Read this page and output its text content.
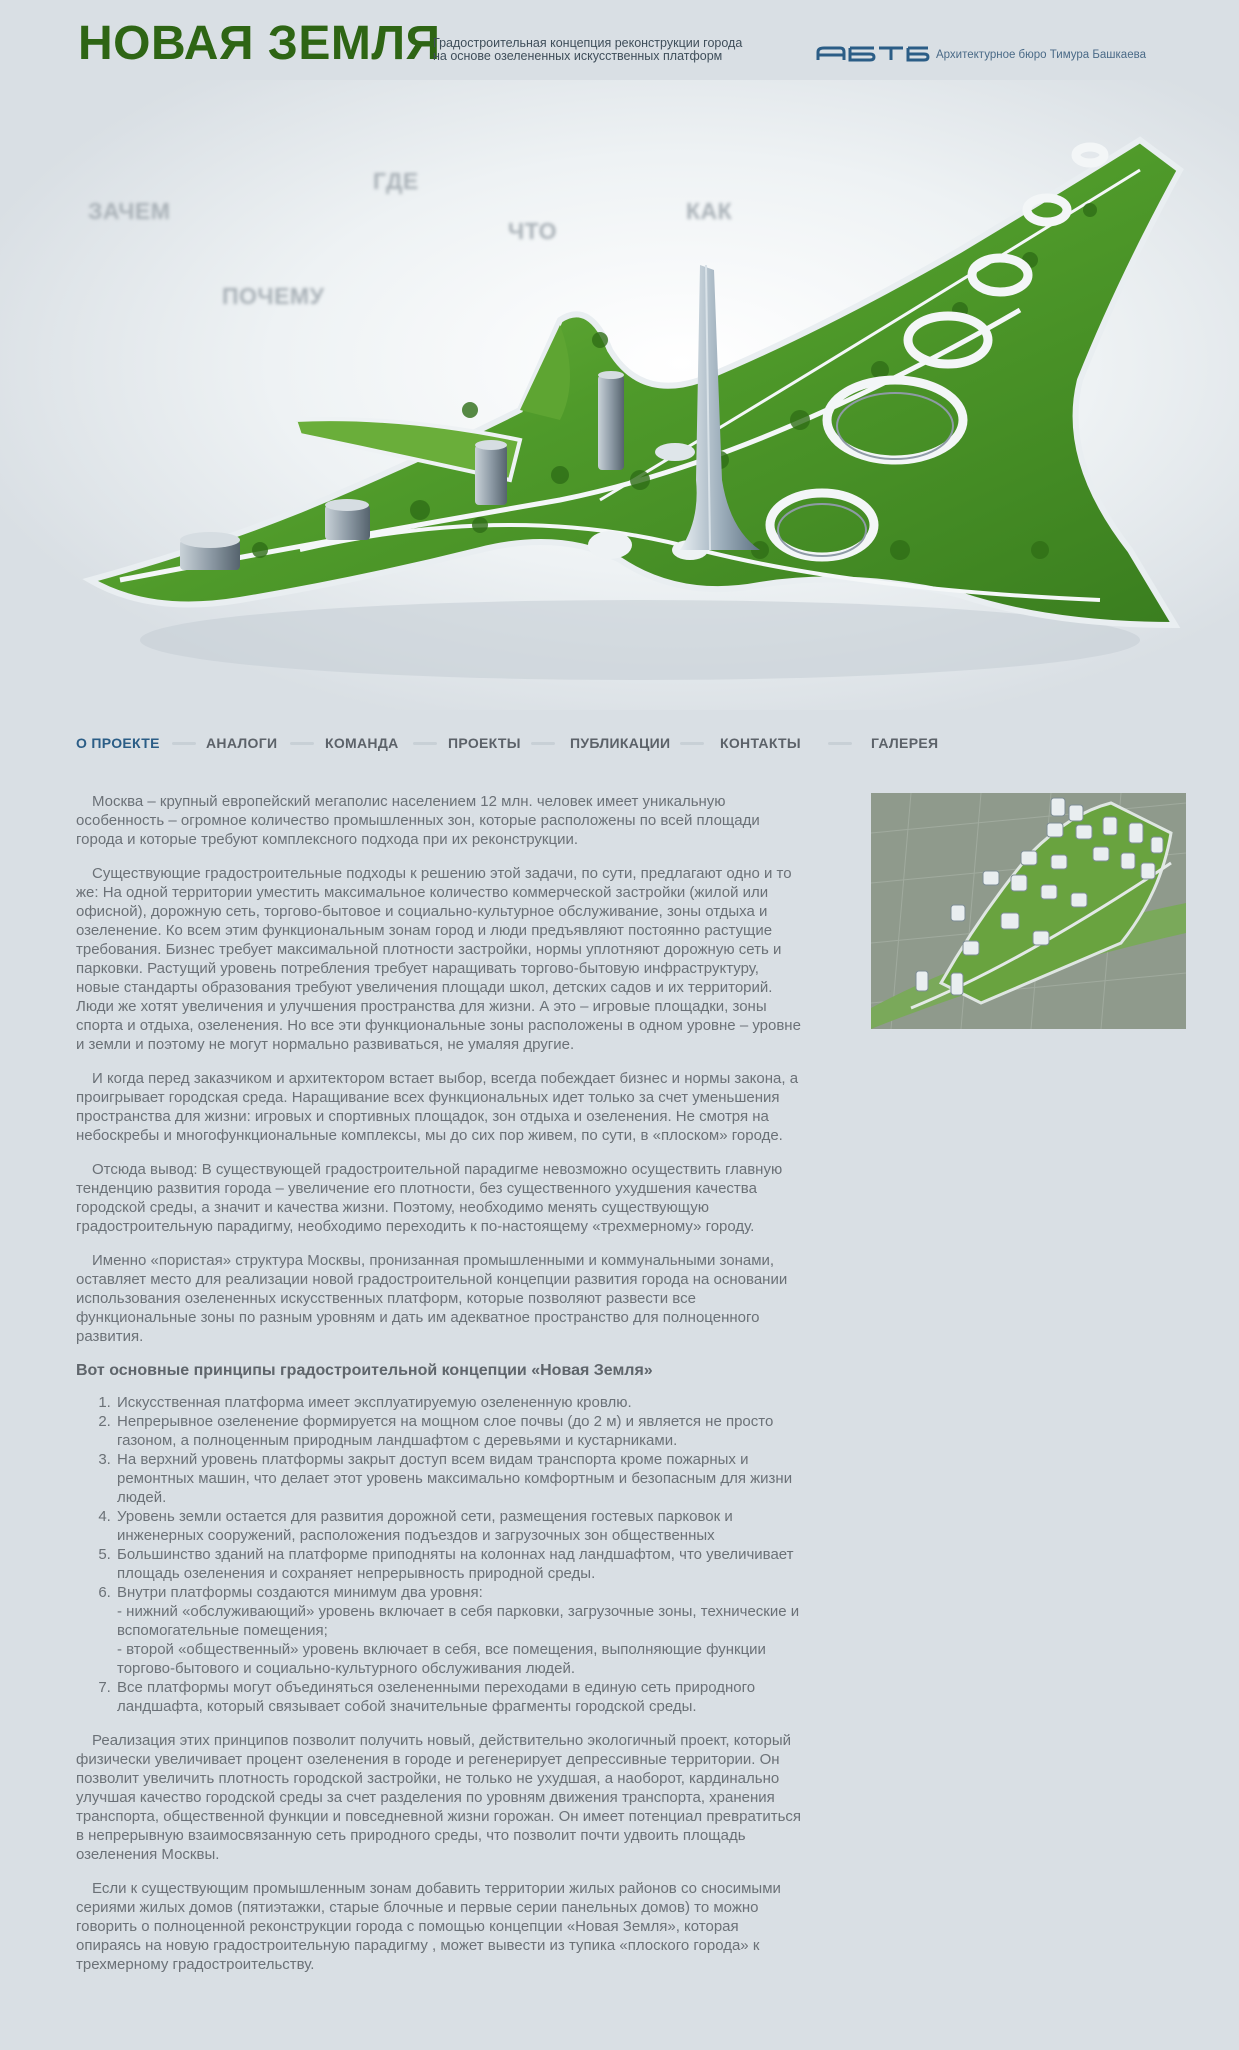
НОВАЯ ЗЕМЛЯ
Градостроительная концепция реконструкции города
на основе озелененных искусственных платформ	Архитектурное бюро Тимура Башкаева
ЗАЧЕМ
ГДЕ
ЧТО
КАК
ПОЧЕМУ
О ПРОЕКТЕ	АНАЛОГИ	КОМАНДА	ПРОЕКТЫ	ПУБЛИКАЦИИ	КОНТАКТЫ	ГАЛЕРЕЯ

Москва – крупный европейский мегаполис населением 12 млн. человек имеет уникальную особенность – огромное количество промышленных зон, которые расположены по всей площади города и которые требуют комплексного подхода при их реконструкции.

Существующие градостроительные подходы к решению этой задачи, по сути, предлагают одно и то же: На одной территории уместить максимальное количество коммерческой застройки (жилой или офисной), дорожную сеть, торгово-бытовое и социально-культурное обслуживание, зоны отдыха и озеленение. Ко всем этим функциональным зонам город и люди предъявляют постоянно растущие требования. Бизнес требует максимальной плотности застройки, нормы уплотняют дорожную сеть и парковки. Растущий уровень потребления требует наращивать торгово-бытовую инфраструктуру, новые стандарты образования требуют увеличения площади школ, детских садов и их территорий. Люди же хотят увеличения и улучшения пространства для жизни. А это – игровые площадки, зоны спорта и отдыха, озеленения. Но все эти функциональные зоны расположены в одном уровне – уровне и земли и поэтому не могут нормально развиваться, не умаляя другие.

И когда перед заказчиком и архитектором встает выбор, всегда побеждает бизнес и нормы закона, а проигрывает городская среда. Наращивание всех функциональных идет только за счет уменьшения пространства для жизни: игровых и спортивных площадок, зон отдыха и озеленения. Не смотря на небоскребы и многофункциональные комплексы, мы до сих пор живем, по сути, в «плоском» городе.

Отсюда вывод: В существующей градостроительной парадигме невозможно осуществить главную тенденцию развития города – увеличение его плотности, без существенного ухудшения качества городской среды, а значит и качества жизни. Поэтому, необходимо менять существующую градостроительную парадигму, необходимо переходить к по-настоящему «трехмерному» городу.

Именно «пористая» структура Москвы, пронизанная промышленными и коммунальными зонами, оставляет место для реализации новой градостроительной концепции развития города на основании использования озелененных искусственных платформ, которые позволяют развести все функциональные зоны по разным уровням и дать им адекватное пространство для полноценного развития.

Вот основные принципы градостроительной концепции «Новая Земля»
1. Искусственная платформа имеет эксплуатируемую озелененную кровлю.
2. Непрерывное озеленение формируется на мощном слое почвы (до 2 м) и является не просто газоном, а полноценным природным ландшафтом с деревьями и кустарниками.
3. На верхний уровень платформы закрыт доступ всем видам транспорта кроме пожарных и ремонтных машин, что делает этот уровень максимально комфортным и безопасным для жизни людей.
4. Уровень земли остается для развития дорожной сети, размещения гостевых парковок и инженерных сооружений, расположения подъездов и загрузочных зон общественных
5. Большинство зданий на платформе приподняты на колоннах над ландшафтом, что увеличивает площадь озеленения и сохраняет непрерывность природной среды.
6. Внутри платформы создаются минимум два уровня:
- нижний «обслуживающий» уровень включает в себя парковки, загрузочные зоны, технические и вспомогательные помещения;
- второй «общественный» уровень включает в себя, все помещения, выполняющие функции торгово-бытового и социально-культурного обслуживания людей.
7. Все платформы могут объединяться озелененными переходами в единую сеть природного ландшафта, который связывает собой значительные фрагменты городской среды.

Реализация этих принципов позволит получить новый, действительно экологичный проект, который физически увеличивает процент озеленения в городе и регенерирует депрессивные территории. Он позволит увеличить плотность городской застройки, не только не ухудшая, а наоборот, кардинально улучшая качество городской среды за счет разделения по уровням движения транспорта, хранения транспорта, общественной функции и повседневной жизни горожан. Он имеет потенциал превратиться в непрерывную взаимосвязанную сеть природного среды, что позволит почти удвоить площадь озеленения Москвы.

Если к существующим промышленным зонам добавить территории жилых районов со сносимыми сериями жилых домов (пятиэтажки, старые блочные и первые серии панельных домов) то можно говорить о полноценной реконструкции города с помощью концепции «Новая Земля», которая опираясь на новую градостроительную парадигму , может вывести из тупика «плоского города» к трехмерному градостроительству.
